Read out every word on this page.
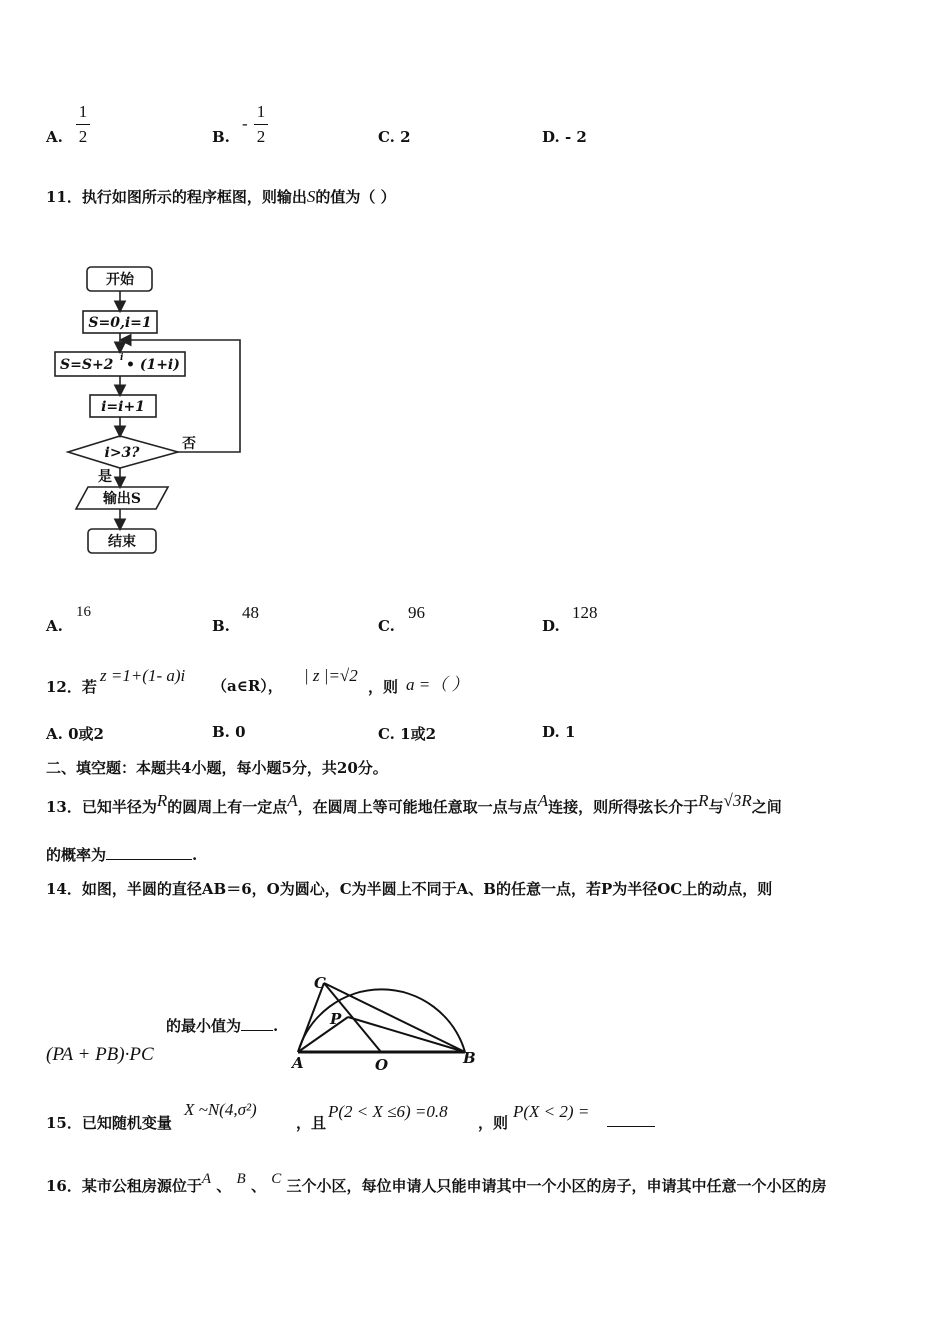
A.
1
2	B.
-
1
2	C. 2	D. - 2
11．执行如图所示的程序框图，则输出S的值为（ ）
开始
S=0,i=1
S=S+2 i • (1+i)
i=i+1
i>3?
否
是
输出S
结束
A.
16
B.
48
C.
96
D.
128
12．若
z =1+(1- a)i
（a∈R），
| z |=√2
，则 a =（ ）
A. 0或2	B. 0	C. 1或2	D. 1
二、填空题：本题共4小题，每小题5分，共20分。
13．已知半径为R的圆周上有一定点A，在圆周上等可能地任意取一点与点A连接，则所得弦长介于R与√3R之间
的概率为	.
14．如图，半圆的直径AB＝6，O为圆心，C为半圆上不同于A、B的任意一点，若P为半径OC上的动点，则
的最小值为 .
(PA + PB)·PC
C
P
A	O	B
15．已知随机变量
X ~N(4,σ²)
，且
P(2 < X ≤6) =0.8
，则
P(X < 2) =
16．某市公租房源位于A 、 B 、 C 三个小区，每位申请人只能申请其中一个小区的房子，申请其中任意一个小区的房
